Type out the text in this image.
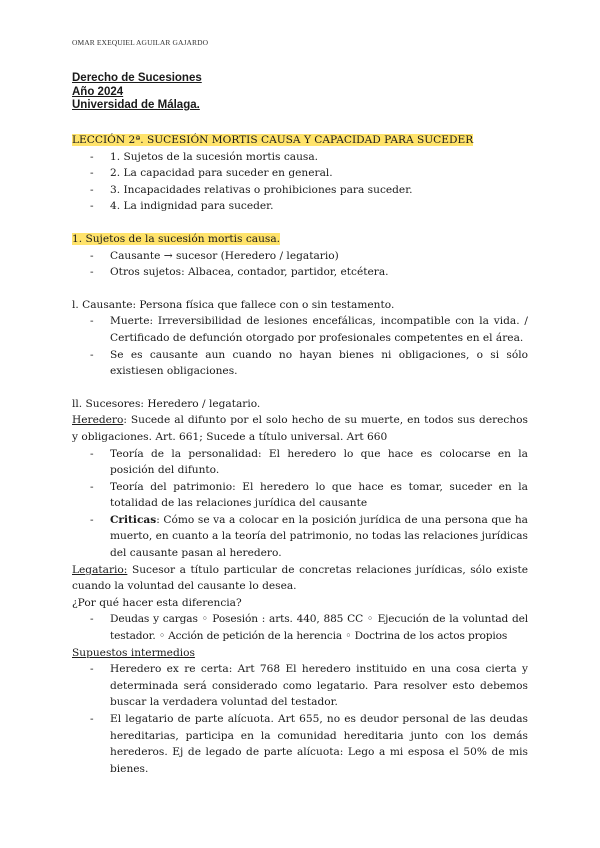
OMAR EXEQUIEL AGUILAR GAJARDO
Derecho de Sucesiones
Año 2024
Universidad de Málaga.
LECCIÓN 2ª. SUCESIÓN MORTIS CAUSA Y CAPACIDAD PARA SUCEDER
- 1. Sujetos de la sucesión mortis causa.
- 2. La capacidad para suceder en general.
- 3. Incapacidades relativas o prohibiciones para suceder.
- 4. La indignidad para suceder.
1. Sujetos de la sucesión mortis causa.
- Causante → sucesor (Heredero / legatario)
- Otros sujetos: Albacea, contador, partidor, etcétera.

l. Causante: Persona física que fallece con o sin testamento.

- Muerte: Irreversibilidad de lesiones encefálicas, incompatible con la vida. / Certificado de defunción otorgado por profesionales competentes en el área.
- Se es causante aun cuando no hayan bienes ni obligaciones, o si sólo existiesen obligaciones.

ll. Sucesores: Heredero / legatario.

Heredero: Sucede al difunto por el solo hecho de su muerte, en todos sus derechos y obligaciones. Art. 661; Sucede a título universal. Art 660

- Teoría de la personalidad: El heredero lo que hace es colocarse en la posición del difunto.
- Teoría del patrimonio: El heredero lo que hace es tomar, suceder en la totalidad de las relaciones jurídica del causante
- Criticas: Cómo se va a colocar en la posición jurídica de una persona que ha muerto, en cuanto a la teoría del patrimonio, no todas las relaciones jurídicas del causante pasan al heredero.

Legatario: Sucesor a título particular de concretas relaciones jurídicas, sólo existe cuando la voluntad del causante lo desea.

¿Por qué hacer esta diferencia?

- Deudas y cargas ◦ Posesión : arts. 440, 885 CC ◦ Ejecución de la voluntad del testador. ◦ Acción de petición de la herencia ◦ Doctrina de los actos propios

Supuestos intermedios

- Heredero ex re certa: Art 768 El heredero instituido en una cosa cierta y determinada será considerado como legatario. Para resolver esto debemos buscar la verdadera voluntad del testador.
- El legatario de parte alícuota. Art 655, no es deudor personal de las deudas hereditarias, participa en la comunidad hereditaria junto con los demás herederos. Ej de legado de parte alícuota: Lego a mi esposa el 50% de mis bienes.
